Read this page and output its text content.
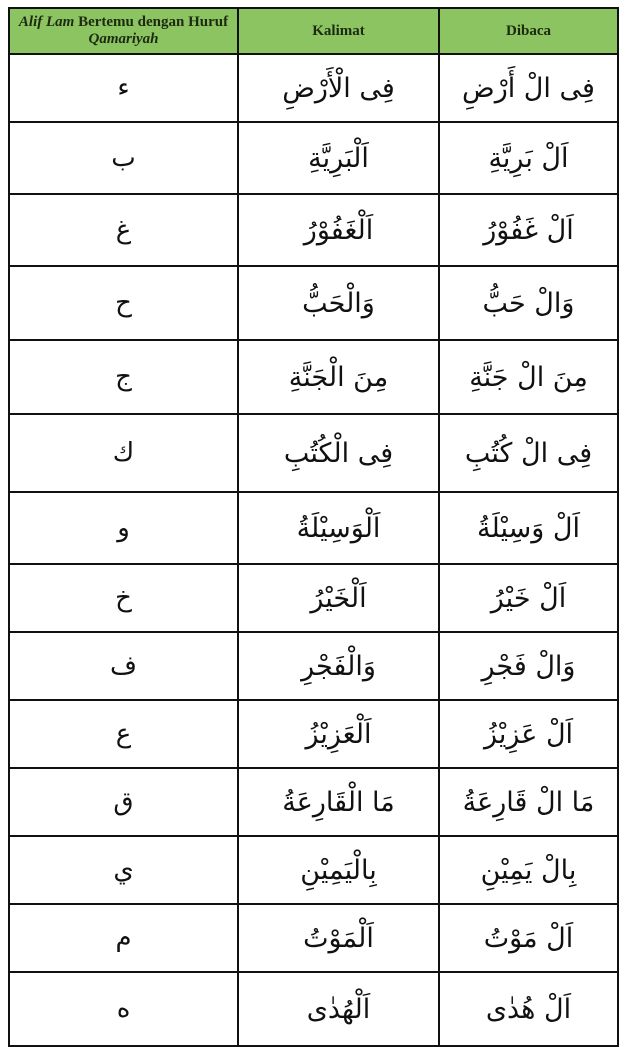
Alif Lam Bertemu dengan Huruf Qamariyah	Kalimat	Dibaca
ء	فِى الْأَرْضِ	فِى الْ أَرْضِ
ب	اَلْبَرِيَّةِ	اَلْ بَرِيَّةِ
غ	اَلْغَفُوْرُ	اَلْ غَفُوْرُ
ح	وَالْحَبُّ	وَالْ حَبُّ
ج	مِنَ الْجَنَّةِ	مِنَ الْ جَنَّةِ
ك	فِى الْكُتُبِ	فِى الْ كُتُبِ
و	اَلْوَسِيْلَةُ	اَلْ وَسِيْلَةُ
خ	اَلْخَيْرُ	اَلْ خَيْرُ
ف	وَالْفَجْرِ	وَالْ فَجْرِ
ع	اَلْعَزِيْزُ	اَلْ عَزِيْزُ
ق	مَا الْقَارِعَةُ	مَا الْ قَارِعَةُ
ي	بِالْيَمِيْنِ	بِالْ يَمِيْنِ
م	اَلْمَوْتُ	اَلْ مَوْتُ
ه	اَلْهُدٰى	اَلْ هُدٰى
